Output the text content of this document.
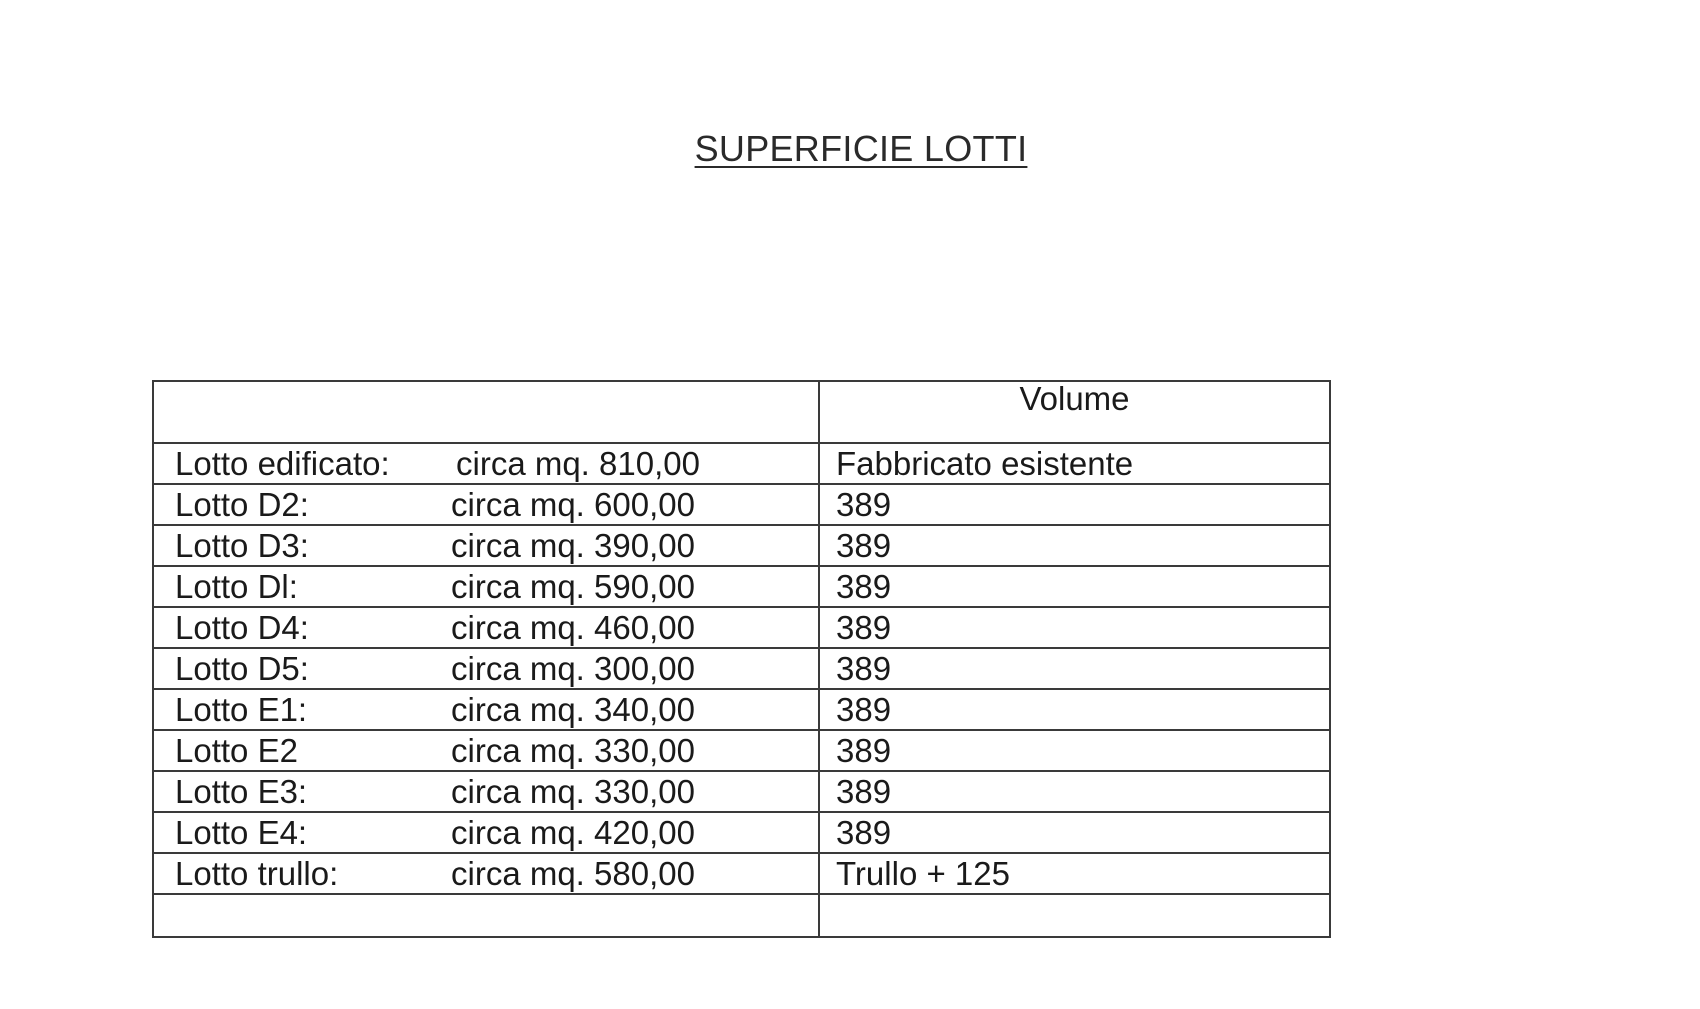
SUPERFICIE LOTTI
	Volume

Lotto edificato: circa mq. 810,00	Fabbricato esistente

Lotto D2: circa mq. 600,00	389

Lotto D3: circa mq. 390,00	389

Lotto Dl: circa mq. 590,00	389

Lotto D4: circa mq. 460,00	389

Lotto D5: circa mq. 300,00	389

Lotto E1: circa mq. 340,00	389

Lotto E2 circa mq. 330,00	389

Lotto E3: circa mq. 330,00	389

Lotto E4: circa mq. 420,00	389

Lotto trullo: circa mq. 580,00	Trullo + 125
